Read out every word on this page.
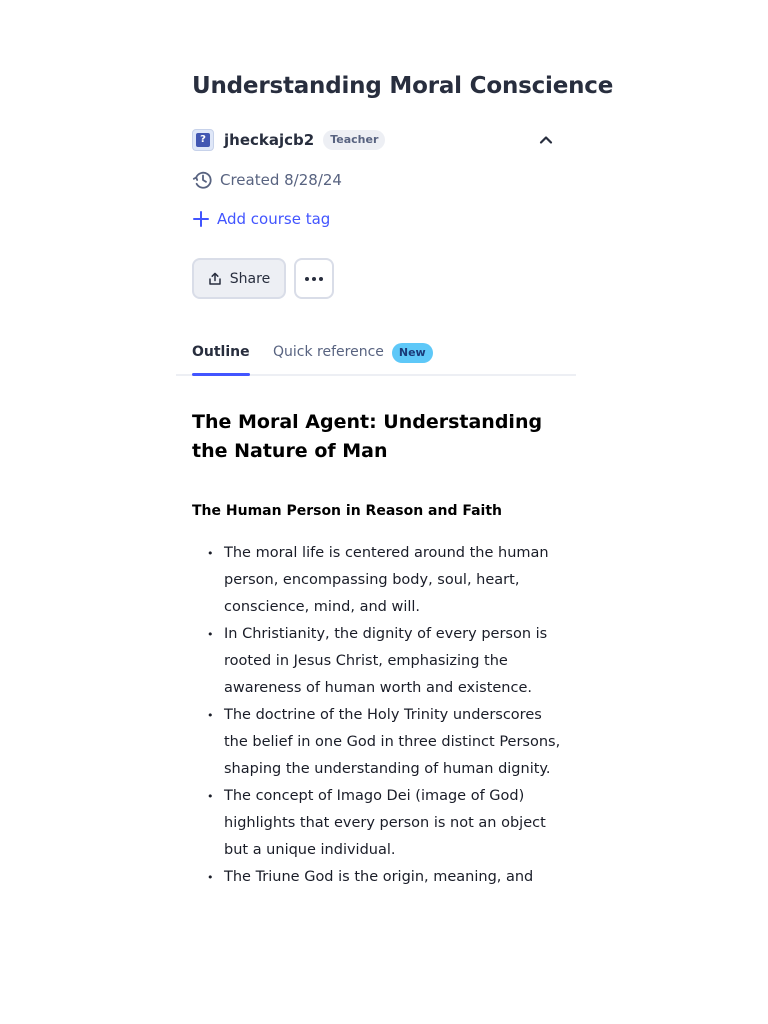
Understanding Moral Conscience
? jheckajcb2	Teacher
Created 8/28/24
Add course tag
Share
Outline Quick reference	New
The Moral Agent: Understanding the Nature of Man
The Human Person in Reason and Faith
• The moral life is centered around the human person, encompassing body, soul, heart, conscience, mind, and will.
• In Christianity, the dignity of every person is rooted in Jesus Christ, emphasizing the awareness of human worth and existence.
• The doctrine of the Holy Trinity underscores the belief in one God in three distinct Persons, shaping the understanding of human dignity.
• The concept of Imago Dei (image of God) highlights that every person is not an object but a unique individual.
• The Triune God is the origin, meaning, and
